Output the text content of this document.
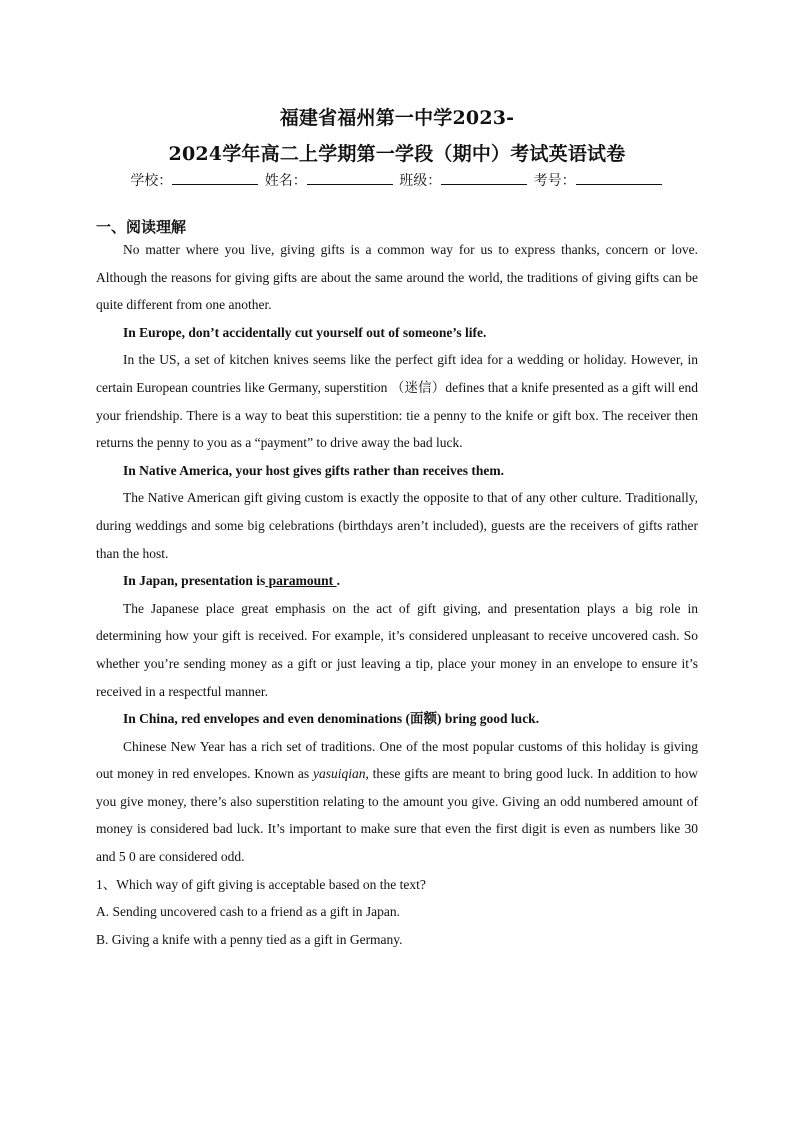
福建省福州第一中学2023-
2024学年高二上学期第一学段（期中）考试英语试卷
学校：	姓名：	班级：	考号：
一、阅读理解

No matter where you live, giving gifts is a common way for us to express thanks, concern or love. Although the reasons for giving gifts are about the same around the world, the traditions of giving gifts can be quite different from one another.

In Europe, don’t accidentally cut yourself out of someone’s life.

In the US, a set of kitchen knives seems like the perfect gift idea for a wedding or holiday. However, in certain European countries like Germany, superstition （迷信）defines that a knife presented as a gift will end your friendship. There is a way to beat this superstition: tie a penny to the knife or gift box. The receiver then returns the penny to you as a “payment” to drive away the bad luck.

In Native America, your host gives gifts rather than receives them.

The Native American gift giving custom is exactly the opposite to that of any other culture. Traditionally, during weddings and some big celebrations (birthdays aren’t included), guests are the receivers of gifts rather than the host.

In Japan, presentation is paramount .

The Japanese place great emphasis on the act of gift giving, and presentation plays a big role in determining how your gift is received. For example, it’s considered unpleasant to receive uncovered cash. So whether you’re sending money as a gift or just leaving a tip, place your money in an envelope to ensure it’s received in a respectful manner.

In China, red envelopes and even denominations (面额) bring good luck.

Chinese New Year has a rich set of traditions. One of the most popular customs of this holiday is giving out money in red envelopes. Known as yasuiqian, these gifts are meant to bring good luck. In addition to how you give money, there’s also superstition relating to the amount you give. Giving an odd numbered amount of money is considered bad luck. It’s important to make sure that even the first digit is even as numbers like 30 and 5 0 are considered odd.

1、Which way of gift giving is acceptable based on the text?

A. Sending uncovered cash to a friend as a gift in Japan.

B. Giving a knife with a penny tied as a gift in Germany.
